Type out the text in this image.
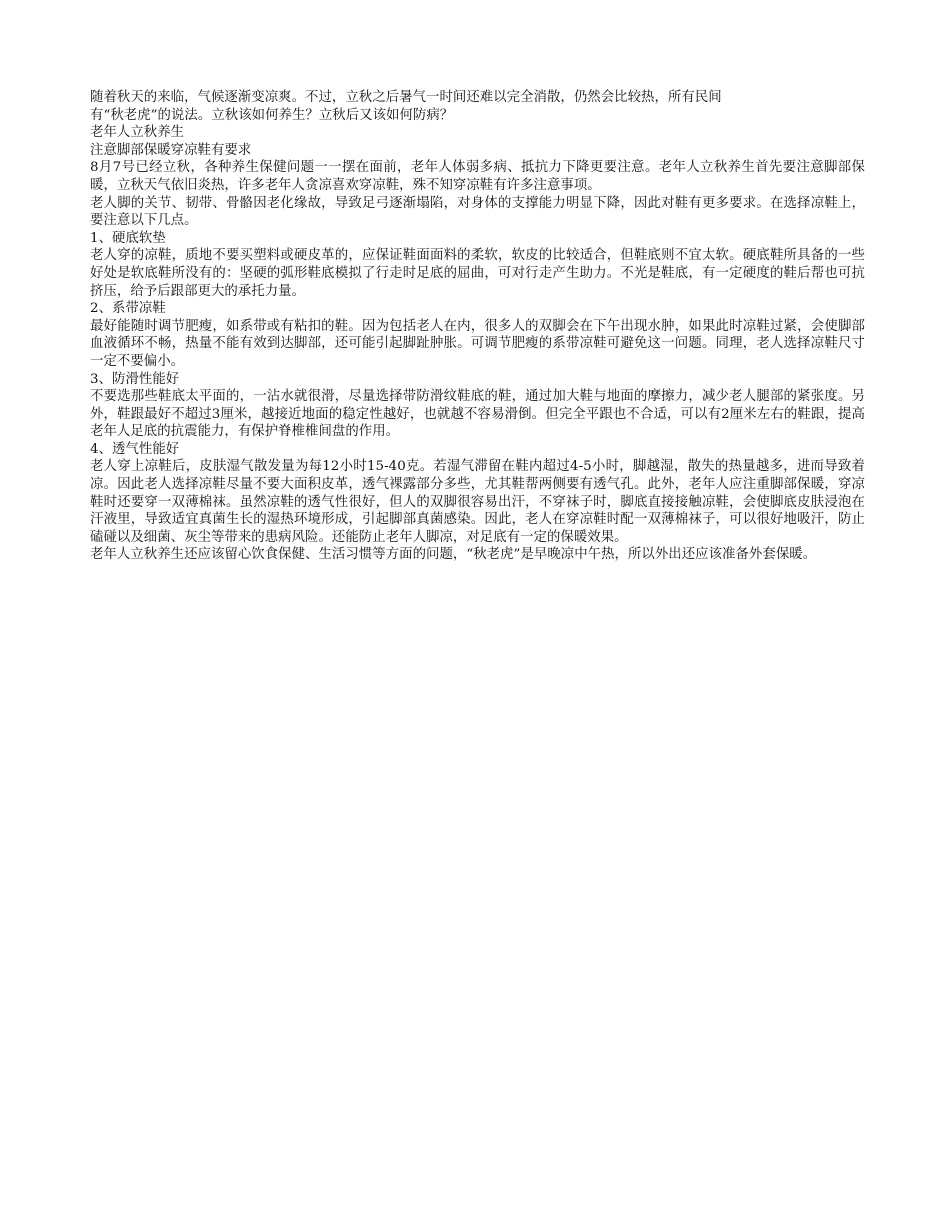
随着秋天的来临，气候逐渐变凉爽。不过，立秋之后暑气一时间还难以完全消散，仍然会比较热，所有民间

有“秋老虎”的说法。立秋该如何养生？立秋后又该如何防病？

老年人立秋养生

注意脚部保暖穿凉鞋有要求

8月7号已经立秋，各种养生保健问题一一摆在面前，老年人体弱多病、抵抗力下降更要注意。老年人立秋养生首先要注意脚部保暖，立秋天气依旧炎热，许多老年人贪凉喜欢穿凉鞋，殊不知穿凉鞋有许多注意事项。

老人脚的关节、韧带、骨骼因老化缘故，导致足弓逐渐塌陷，对身体的支撑能力明显下降，因此对鞋有更多要求。在选择凉鞋上，要注意以下几点。

1、硬底软垫

老人穿的凉鞋，质地不要买塑料或硬皮革的，应保证鞋面面料的柔软，软皮的比较适合，但鞋底则不宜太软。硬底鞋所具备的一些好处是软底鞋所没有的：坚硬的弧形鞋底模拟了行走时足底的屈曲，可对行走产生助力。不光是鞋底，有一定硬度的鞋后帮也可抗挤压，给予后跟部更大的承托力量。

2、系带凉鞋

最好能随时调节肥瘦，如系带或有粘扣的鞋。因为包括老人在内，很多人的双脚会在下午出现水肿，如果此时凉鞋过紧，会使脚部血液循环不畅，热量不能有效到达脚部，还可能引起脚趾肿胀。可调节肥瘦的系带凉鞋可避免这一问题。同理，老人选择凉鞋尺寸一定不要偏小。

3、防滑性能好

不要选那些鞋底太平面的，一沾水就很滑，尽量选择带防滑纹鞋底的鞋，通过加大鞋与地面的摩擦力，减少老人腿部的紧张度。另外，鞋跟最好不超过3厘米，越接近地面的稳定性越好，也就越不容易滑倒。但完全平跟也不合适，可以有2厘米左右的鞋跟，提高老年人足底的抗震能力，有保护脊椎椎间盘的作用。

4、透气性能好

老人穿上凉鞋后，皮肤湿气散发量为每12小时15-40克。若湿气滞留在鞋内超过4-5小时，脚越湿，散失的热量越多，进而导致着凉。因此老人选择凉鞋尽量不要大面积皮革，透气裸露部分多些，尤其鞋帮两侧要有透气孔。此外，老年人应注重脚部保暖，穿凉鞋时还要穿一双薄棉袜。虽然凉鞋的透气性很好，但人的双脚很容易出汗，不穿袜子时，脚底直接接触凉鞋，会使脚底皮肤浸泡在汗液里，导致适宜真菌生长的湿热环境形成，引起脚部真菌感染。因此，老人在穿凉鞋时配一双薄棉袜子，可以很好地吸汗，防止磕碰以及细菌、灰尘等带来的患病风险。还能防止老年人脚凉，对足底有一定的保暖效果。

老年人立秋养生还应该留心饮食保健、生活习惯等方面的问题，“秋老虎”是早晚凉中午热，所以外出还应该准备外套保暖。
